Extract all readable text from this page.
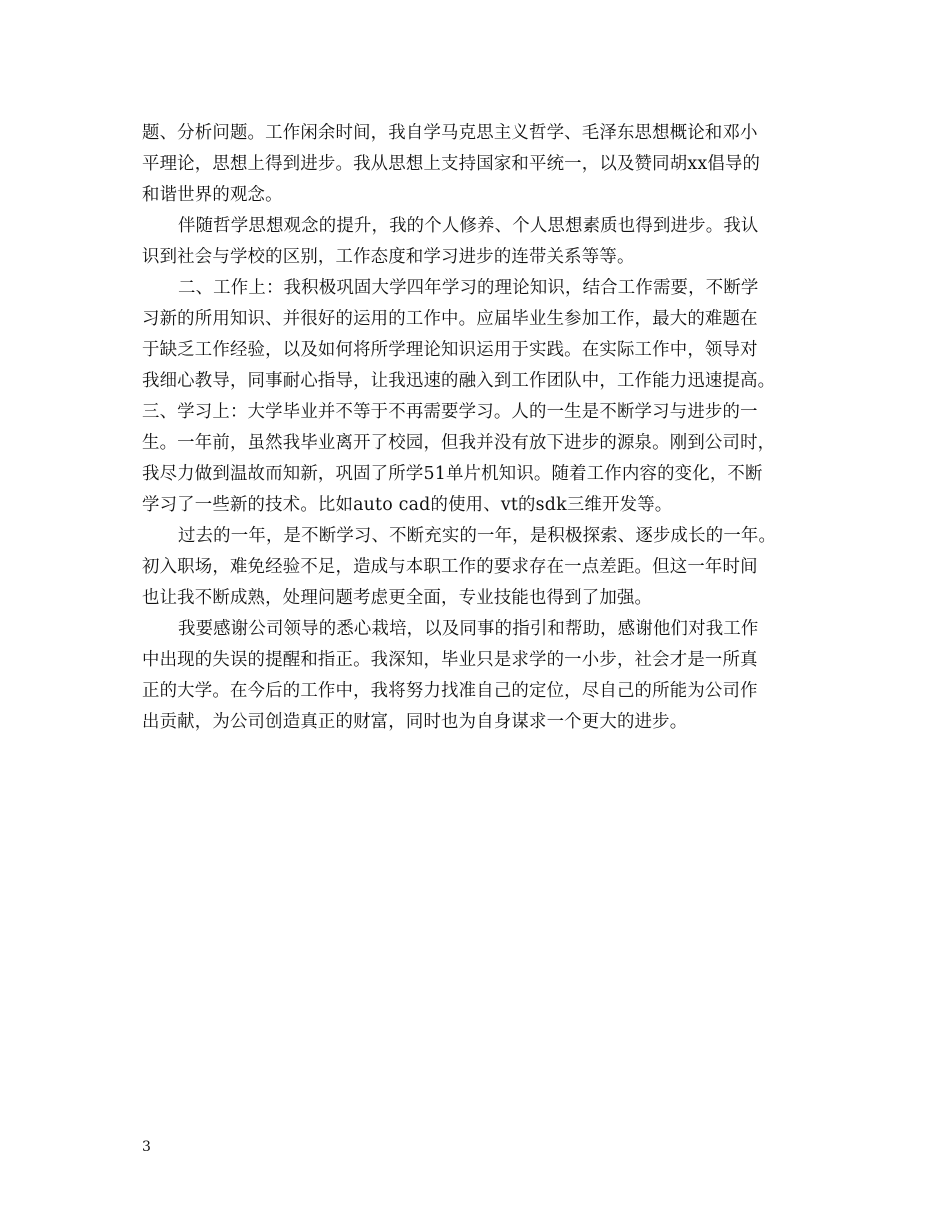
题、分析问题。工作闲余时间，我自学马克思主义哲学、毛泽东思想概论和邓小
平理论，思想上得到进步。我从思想上支持国家和平统一，以及赞同胡xx倡导的
和谐世界的观念。
伴随哲学思想观念的提升，我的个人修养、个人思想素质也得到进步。我认
识到社会与学校的区别，工作态度和学习进步的连带关系等等。
二、工作上：我积极巩固大学四年学习的理论知识，结合工作需要，不断学
习新的所用知识、并很好的运用的工作中。应届毕业生参加工作，最大的难题在
于缺乏工作经验，以及如何将所学理论知识运用于实践。在实际工作中，领导对
我细心教导，同事耐心指导，让我迅速的融入到工作团队中，工作能力迅速提高。
三、学习上：大学毕业并不等于不再需要学习。人的一生是不断学习与进步的一
生。一年前，虽然我毕业离开了校园，但我并没有放下进步的源泉。刚到公司时，
我尽力做到温故而知新，巩固了所学51单片机知识。随着工作内容的变化，不断
学习了一些新的技术。比如auto cad的使用、vt的sdk三维开发等。
过去的一年，是不断学习、不断充实的一年，是积极探索、逐步成长的一年。
初入职场，难免经验不足，造成与本职工作的要求存在一点差距。但这一年时间
也让我不断成熟，处理问题考虑更全面，专业技能也得到了加强。
我要感谢公司领导的悉心栽培，以及同事的指引和帮助，感谢他们对我工作
中出现的失误的提醒和指正。我深知，毕业只是求学的一小步，社会才是一所真
正的大学。在今后的工作中，我将努力找准自己的定位，尽自己的所能为公司作
出贡献，为公司创造真正的财富，同时也为自身谋求一个更大的进步。
3
